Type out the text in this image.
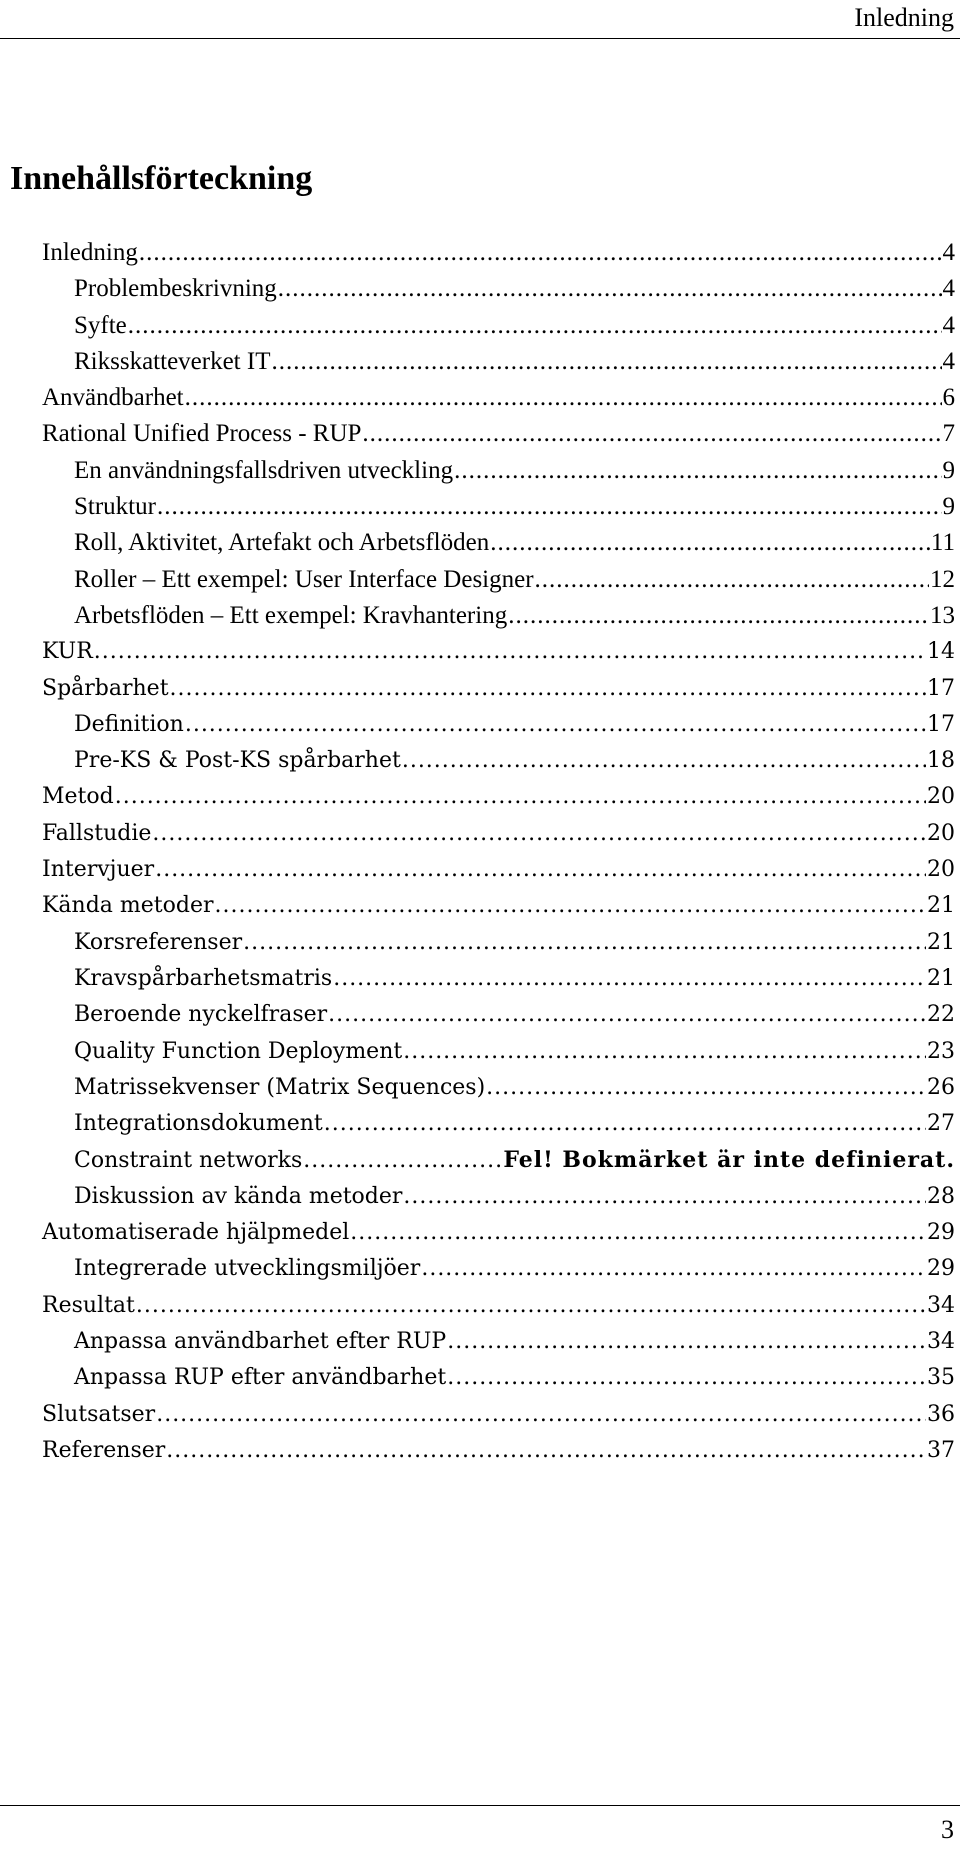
Inledning
Innehållsförteckning
Inledning .....	4
Problembeskrivning .....	4
Syfte .....	4
Riksskatteverket IT .....	4
Användbarhet .....	6
Rational Unified Process - RUP .....	7
En användningsfallsdriven utveckling .....	9
Struktur .....	9
Roll, Aktivitet, Artefakt och Arbetsflöden .....	11
Roller – Ett exempel: User Interface Designer .....	12
Arbetsflöden – Ett exempel: Kravhantering .....	13
KUR .....	14
Spårbarhet .....	17
Definition .....	17
Pre-KS & Post-KS spårbarhet .....	18
Metod .....	20
Fallstudie .....	20
Intervjuer .....	20
Kända metoder .....	21
Korsreferenser .....	21
Kravspårbarhetsmatris .....	21
Beroende nyckelfraser .....	22
Quality Function Deployment .....	23
Matrissekvenser (Matrix Sequences) .....	26
Integrationsdokument .....	27
Constraint networks .....	Fel! Bokmärket är inte definierat.
Diskussion av kända metoder .....	28
Automatiserade hjälpmedel .....	29
Integrerade utvecklingsmiljöer .....	29
Resultat .....	34
Anpassa användbarhet efter RUP .....	34
Anpassa RUP efter användbarhet .....	35
Slutsatser .....	36
Referenser .....	37
3
